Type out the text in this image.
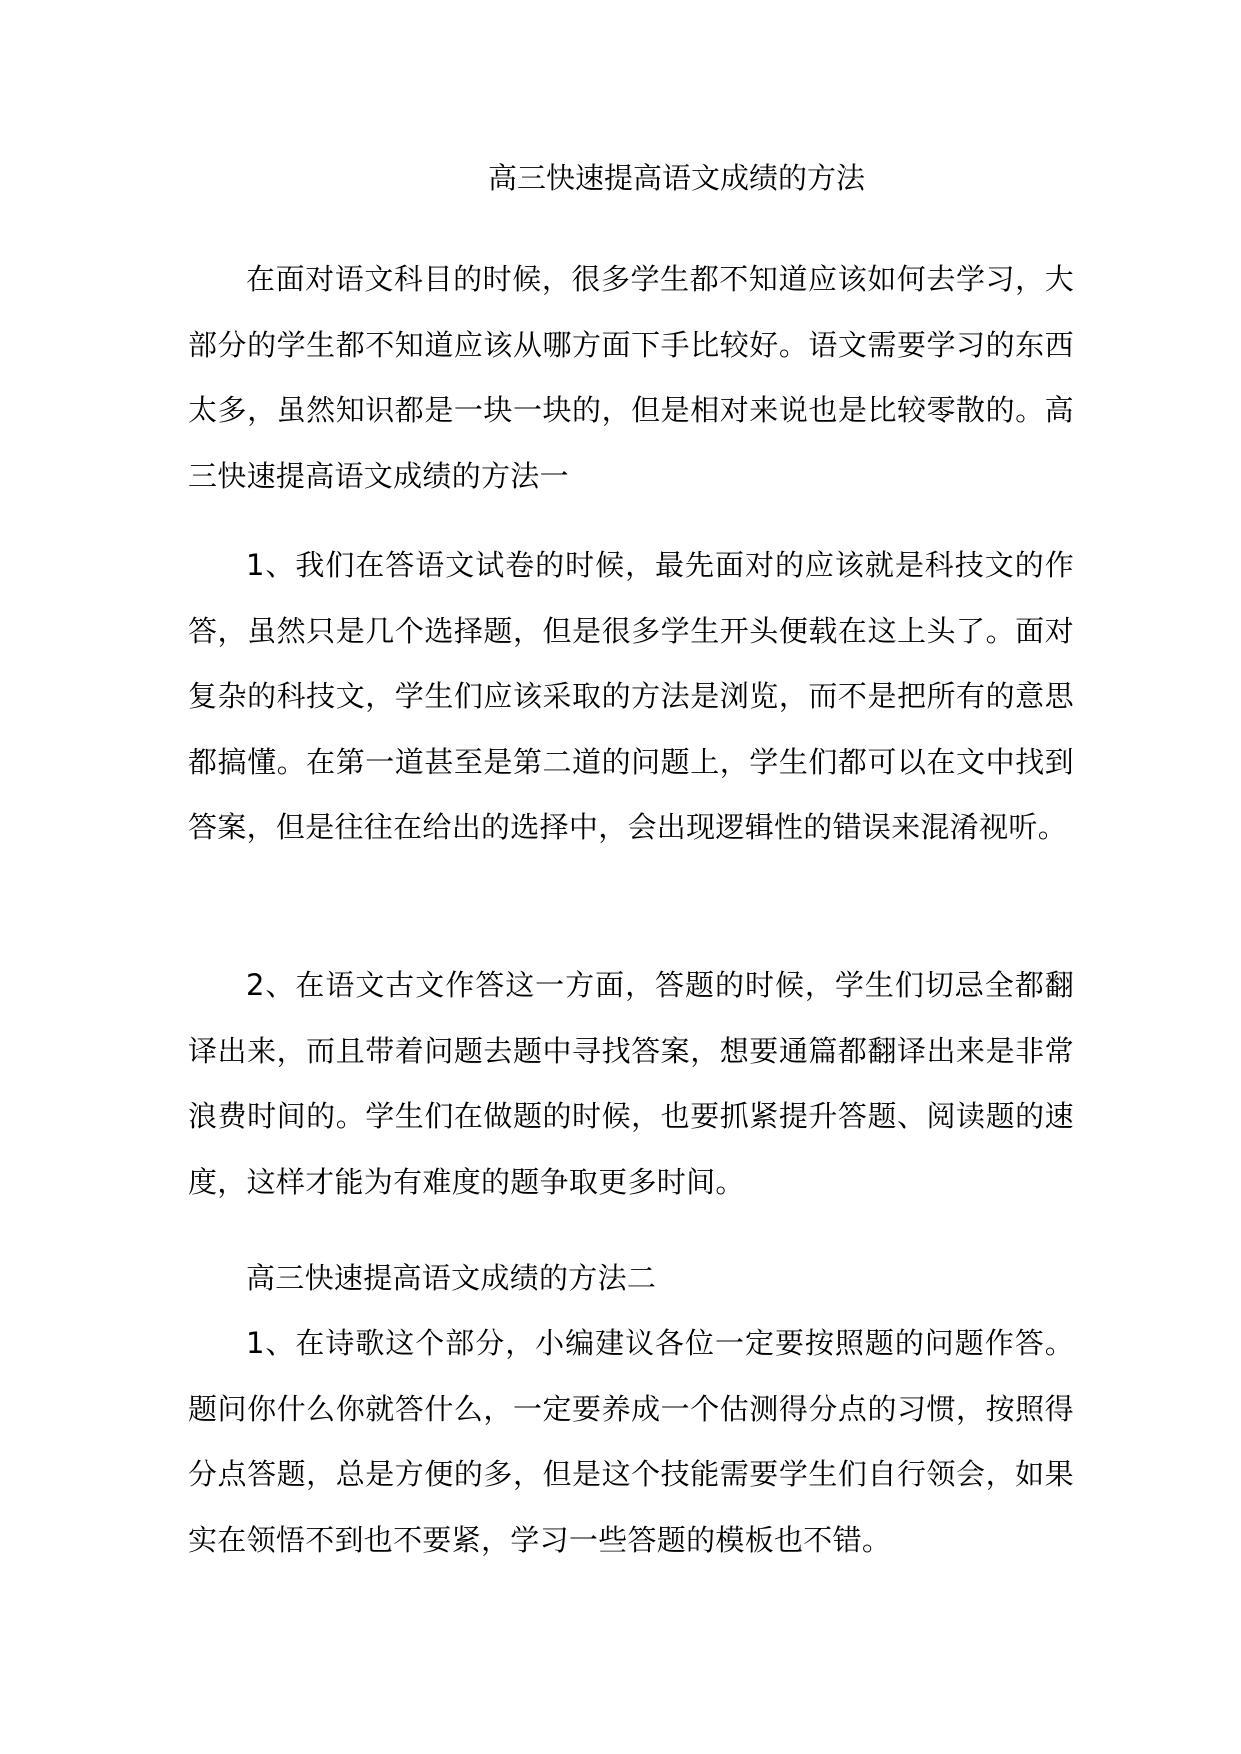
高三快速提高语文成绩的方法

在面对语文科目的时候，很多学生都不知道应该如何去学习，大部分的学生都不知道应该从哪方面下手比较好。语文需要学习的东西太多，虽然知识都是一块一块的，但是相对来说也是比较零散的。高三快速提高语文成绩的方法一

1、我们在答语文试卷的时候，最先面对的应该就是科技文的作答，虽然只是几个选择题，但是很多学生开头便载在这上头了。面对复杂的科技文，学生们应该采取的方法是浏览，而不是把所有的意思都搞懂。在第一道甚至是第二道的问题上，学生们都可以在文中找到答案，但是往往在给出的选择中，会出现逻辑性的错误来混淆视听。

2、在语文古文作答这一方面，答题的时候，学生们切忌全都翻译出来，而且带着问题去题中寻找答案，想要通篇都翻译出来是非常浪费时间的。学生们在做题的时候，也要抓紧提升答题、阅读题的速度，这样才能为有难度的题争取更多时间。

高三快速提高语文成绩的方法二

1、在诗歌这个部分，小编建议各位一定要按照题的问题作答。题问你什么你就答什么，一定要养成一个估测得分点的习惯，按照得分点答题，总是方便的多，但是这个技能需要学生们自行领会，如果实在领悟不到也不要紧，学习一些答题的模板也不错。
